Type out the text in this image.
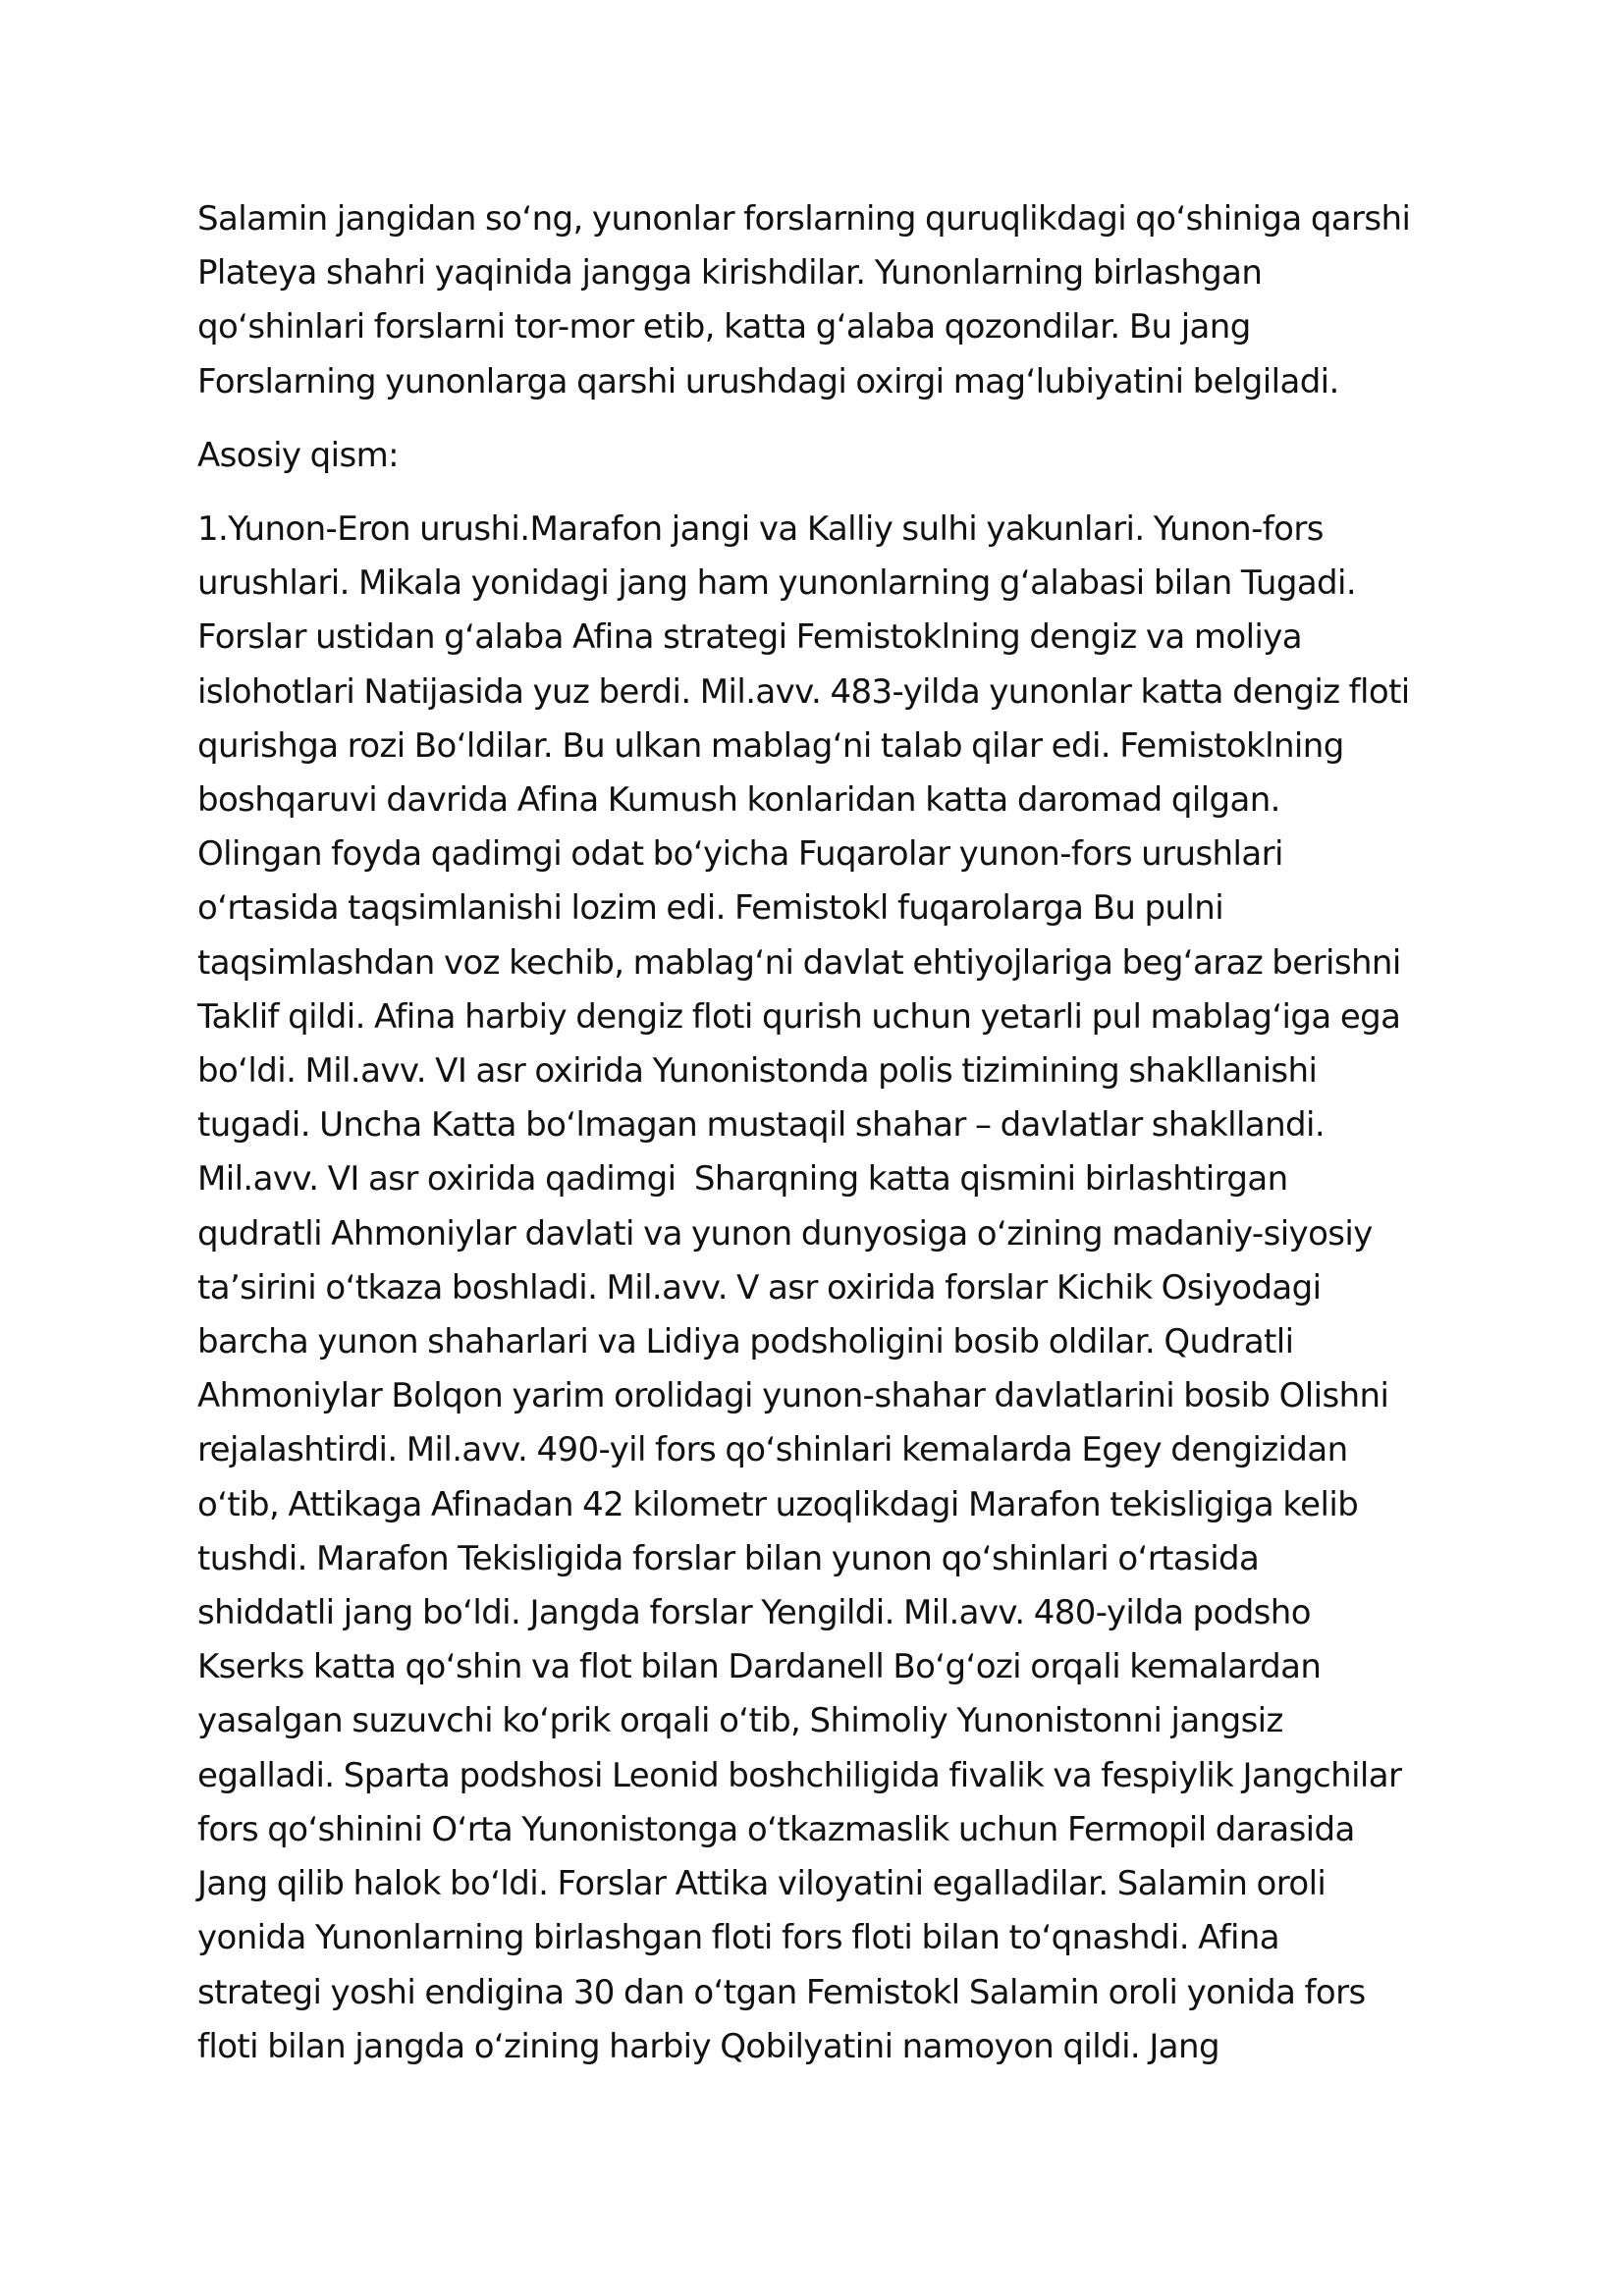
Salamin jangidan so‘ng, yunonlar forslarning quruqlikdagi qo‘shiniga qarshi
Plateya shahri yaqinida jangga kirishdilar. Yunonlarning birlashgan
qo‘shinlari forslarni tor-mor etib, katta g‘alaba qozondilar. Bu jang
Forslarning yunonlarga qarshi urushdagi oxirgi mag‘lubiyatini belgiladi.
Asosiy qism:
1.Yunon-Eron urushi.Marafon jangi va Kalliy sulhi yakunlari. Yunon-fors
urushlari. Mikala yonidagi jang ham yunonlarning g‘alabasi bilan Tugadi.
Forslar ustidan g‘alaba Afina strategi Femistoklning dengiz va moliya
islohotlari Natijasida yuz berdi. Mil.avv. 483-yilda yunonlar katta dengiz floti
qurishga rozi Bo‘ldilar. Bu ulkan mablag‘ni talab qilar edi. Femistoklning
boshqaruvi davrida Afina Kumush konlaridan katta daromad qilgan.
Olingan foyda qadimgi odat bo‘yicha Fuqarolar yunon-fors urushlari
o‘rtasida taqsimlanishi lozim edi. Femistokl fuqarolarga Bu pulni
taqsimlashdan voz kechib, mablag‘ni davlat ehtiyojlariga beg‘araz berishni
Taklif qildi. Afina harbiy dengiz floti qurish uchun yetarli pul mablag‘iga ega
bo‘ldi. Mil.avv. VI asr oxirida Yunonistonda polis tizimining shakllanishi
tugadi. Uncha Katta bo‘lmagan mustaqil shahar – davlatlar shakllandi.
Mil.avv. VI asr oxirida qadimgi  Sharqning katta qismini birlashtirgan
qudratli Ahmoniylar davlati va yunon dunyosiga o‘zining madaniy-siyosiy
ta’sirini o‘tkaza boshladi. Mil.avv. V asr oxirida forslar Kichik Osiyodagi
barcha yunon shaharlari va Lidiya podsholigini bosib oldilar. Qudratli
Ahmoniylar Bolqon yarim orolidagi yunon-shahar davlatlarini bosib Olishni
rejalashtirdi. Mil.avv. 490-yil fors qo‘shinlari kemalarda Egey dengizidan
o‘tib, Attikaga Afinadan 42 kilometr uzoqlikdagi Marafon tekisligiga kelib
tushdi. Marafon Tekisligida forslar bilan yunon qo‘shinlari o‘rtasida
shiddatli jang bo‘ldi. Jangda forslar Yengildi. Mil.avv. 480-yilda podsho
Kserks katta qo‘shin va flot bilan Dardanell Bo‘g‘ozi orqali kemalardan
yasalgan suzuvchi ko‘prik orqali o‘tib, Shimoliy Yunonistonni jangsiz
egalladi. Sparta podshosi Leonid boshchiligida fivalik va fespiylik Jangchilar
fors qo‘shinini O‘rta Yunonistonga o‘tkazmaslik uchun Fermopil darasida
Jang qilib halok bo‘ldi. Forslar Attika viloyatini egalladilar. Salamin oroli
yonida Yunonlarning birlashgan floti fors floti bilan to‘qnashdi. Afina
strategi yoshi endigina 30 dan o‘tgan Femistokl Salamin oroli yonida fors
floti bilan jangda o‘zining harbiy Qobilyatini namoyon qildi. Jang
